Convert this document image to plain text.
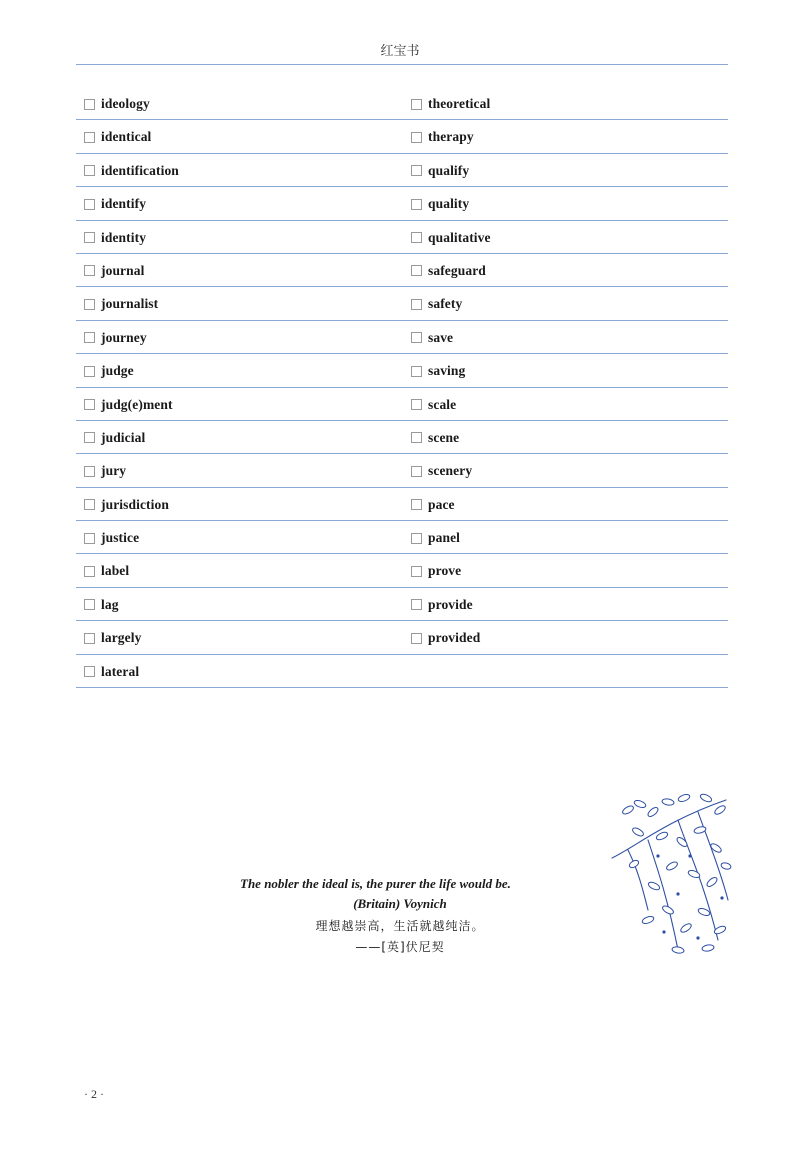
红宝书
ideology	theoretical
identical	therapy
identification	qualify
identify	quality
identity	qualitative
journal	safeguard
journalist	safety
journey	save
judge	saving
judg(e)ment	scale
judicial	scene
jury	scenery
jurisdiction	pace
justice	panel
label	prove
lag	provide
largely	provided
lateral
The nobler the ideal is, the purer the life would be.
(Britain) Voynich
理想越崇高，生活就越纯洁。
——[英]伏尼契
· 2 ·
